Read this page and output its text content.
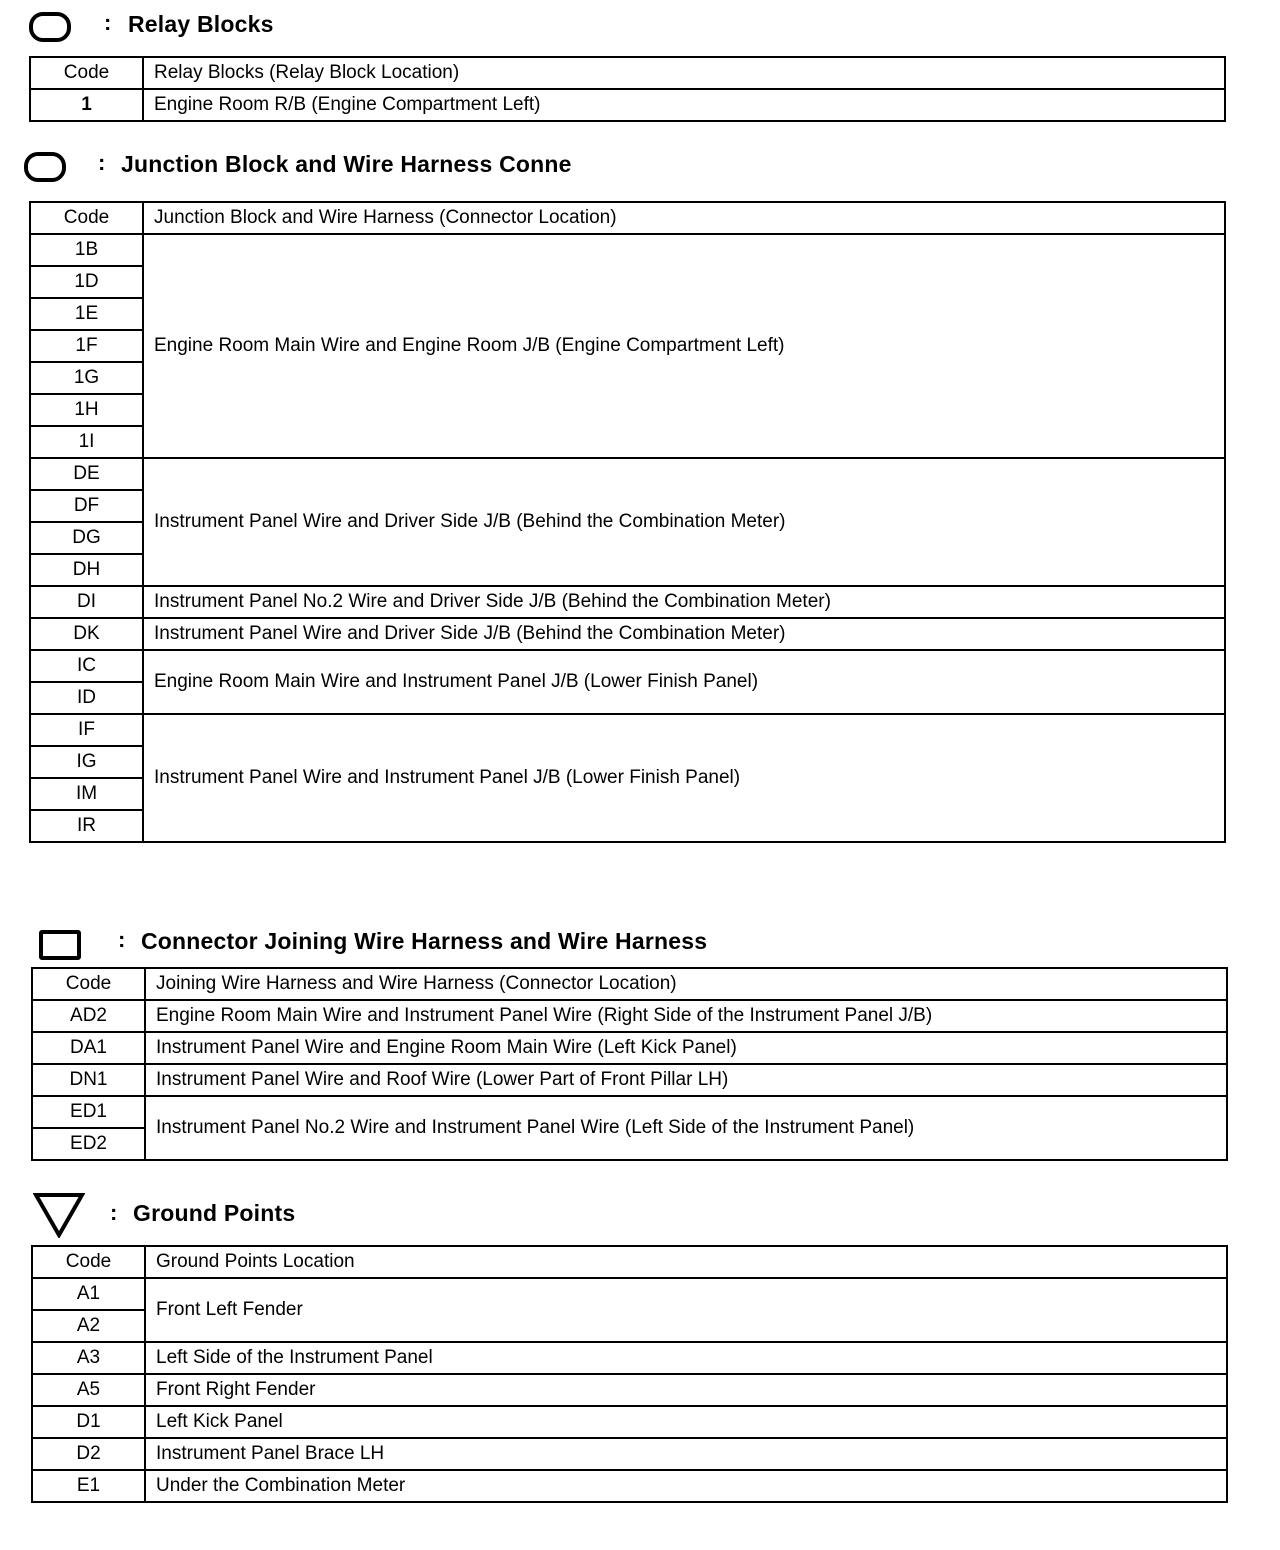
: Relay Blocks
Code	Relay Blocks (Relay Block Location)
1	Engine Room R/B (Engine Compartment Left)
: Junction Block and Wire Harness Conne
Code	Junction Block and Wire Harness (Connector Location)
1B	Engine Room Main Wire and Engine Room J/B (Engine Compartment Left)
1D	
1E	
1F	
1G	
1H	
1I	
DE	Instrument Panel Wire and Driver Side J/B (Behind the Combination Meter)
DF	
DG	
DH	
DI	Instrument Panel No.2 Wire and Driver Side J/B (Behind the Combination Meter)
DK	Instrument Panel Wire and Driver Side J/B (Behind the Combination Meter)
IC	Engine Room Main Wire and Instrument Panel J/B (Lower Finish Panel)
ID	
IF	Instrument Panel Wire and Instrument Panel J/B (Lower Finish Panel)
IG	
IM	
IR	
: Connector Joining Wire Harness and Wire Harness
Code	Joining Wire Harness and Wire Harness (Connector Location)
AD2	Engine Room Main Wire and Instrument Panel Wire (Right Side of the Instrument Panel J/B)
DA1	Instrument Panel Wire and Engine Room Main Wire (Left Kick Panel)
DN1	Instrument Panel Wire and Roof Wire (Lower Part of Front Pillar LH)
ED1	Instrument Panel No.2 Wire and Instrument Panel Wire (Left Side of the Instrument Panel)
ED2	
: Ground Points
Code	Ground Points Location
A1	Front Left Fender
A2	
A3	Left Side of the Instrument Panel
A5	Front Right Fender
D1	Left Kick Panel
D2	Instrument Panel Brace LH
E1	Under the Combination Meter
